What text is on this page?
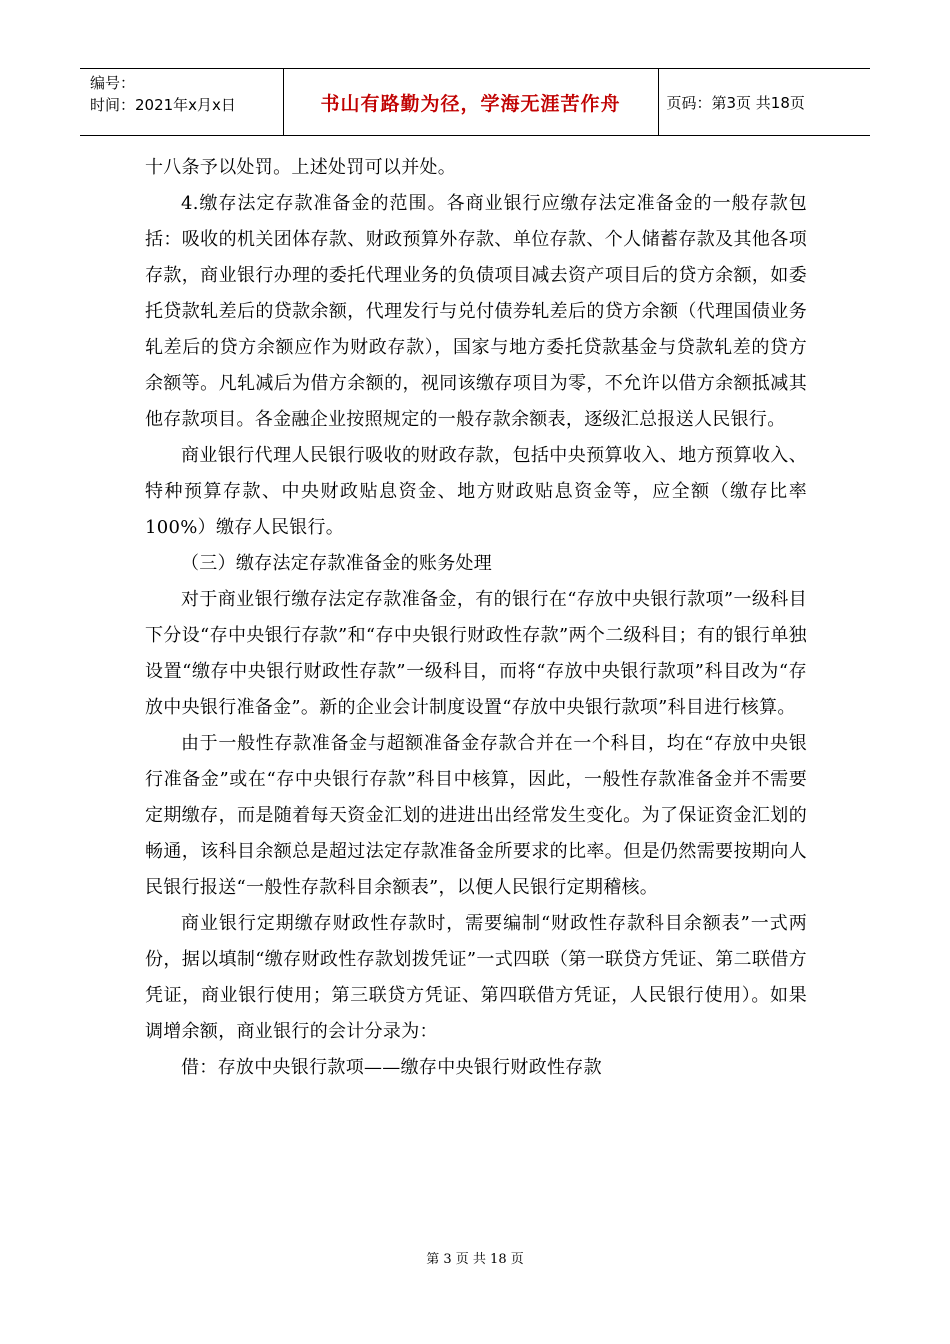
编号：
时间：2021年x月x日	书山有路勤为径，学海无涯苦作舟	页码：第3页 共18页

十八条予以处罚。上述处罚可以并处。

4.缴存法定存款准备金的范围。各商业银行应缴存法定准备金的一般存款包括：吸收的机关团体存款、财政预算外存款、单位存款、个人储蓄存款及其他各项存款，商业银行办理的委托代理业务的负债项目减去资产项目后的贷方余额，如委托贷款轧差后的贷款余额，代理发行与兑付债券轧差后的贷方余额（代理国债业务轧差后的贷方余额应作为财政存款），国家与地方委托贷款基金与贷款轧差的贷方余额等。凡轧减后为借方余额的，视同该缴存项目为零，不允许以借方余额抵减其他存款项目。各金融企业按照规定的一般存款余额表，逐级汇总报送人民银行。

商业银行代理人民银行吸收的财政存款，包括中央预算收入、地方预算收入、特种预算存款、中央财政贴息资金、地方财政贴息资金等，应全额（缴存比率100%）缴存人民银行。

（三）缴存法定存款准备金的账务处理

对于商业银行缴存法定存款准备金，有的银行在“存放中央银行款项”一级科目下分设“存中央银行存款”和“存中央银行财政性存款”两个二级科目；有的银行单独设置“缴存中央银行财政性存款”一级科目，而将“存放中央银行款项”科目改为“存放中央银行准备金”。新的企业会计制度设置“存放中央银行款项”科目进行核算。

由于一般性存款准备金与超额准备金存款合并在一个科目，均在“存放中央银行准备金”或在“存中央银行存款”科目中核算，因此，一般性存款准备金并不需要定期缴存，而是随着每天资金汇划的进进出出经常发生变化。为了保证资金汇划的畅通，该科目余额总是超过法定存款准备金所要求的比率。但是仍然需要按期向人民银行报送“一般性存款科目余额表”，以便人民银行定期稽核。

商业银行定期缴存财政性存款时，需要编制“财政性存款科目余额表”一式两份，据以填制“缴存财政性存款划拨凭证”一式四联（第一联贷方凭证、第二联借方凭证，商业银行使用；第三联贷方凭证、第四联借方凭证，人民银行使用）。如果调增余额，商业银行的会计分录为：

借：存放中央银行款项——缴存中央银行财政性存款

第 3 页 共 18 页
